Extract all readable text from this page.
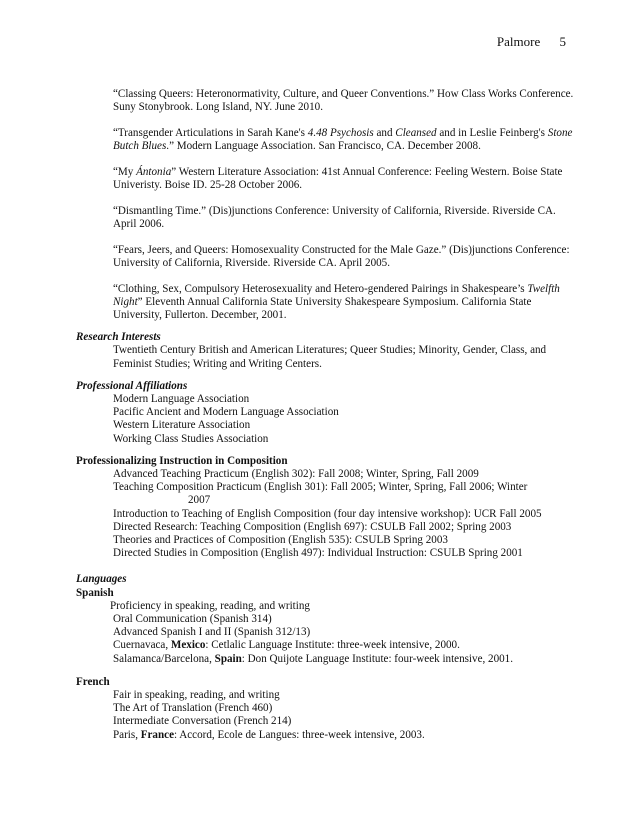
Palmore 5
“Classing Queers: Heteronormativity, Culture, and Queer Conventions.” How Class Works Conference. Suny Stonybrook. Long Island, NY. June 2010.
“Transgender Articulations in Sarah Kane's 4.48 Psychosis and Cleansed and in Leslie Feinberg's Stone Butch Blues.” Modern Language Association. San Francisco, CA. December 2008.
“My Ántonia” Western Literature Association: 41st Annual Conference: Feeling Western. Boise State Univeristy. Boise ID. 25-28 October 2006.
“Dismantling Time.” (Dis)junctions Conference: University of California, Riverside. Riverside CA. April 2006.
“Fears, Jeers, and Queers: Homosexuality Constructed for the Male Gaze.” (Dis)junctions Conference: University of California, Riverside. Riverside CA. April 2005.
“Clothing, Sex, Compulsory Heterosexuality and Hetero-gendered Pairings in Shakespeare’s Twelfth Night” Eleventh Annual California State University Shakespeare Symposium. California State University, Fullerton. December, 2001.
Research Interests
Twentieth Century British and American Literatures; Queer Studies; Minority, Gender, Class, and Feminist Studies; Writing and Writing Centers.
Professional Affiliations
Modern Language Association
Pacific Ancient and Modern Language Association
Western Literature Association
Working Class Studies Association
Professionalizing Instruction in Composition
Advanced Teaching Practicum (English 302): Fall 2008; Winter, Spring, Fall 2009
Teaching Composition Practicum (English 301): Fall 2005; Winter, Spring, Fall 2006; Winter
2007
Introduction to Teaching of English Composition (four day intensive workshop): UCR Fall 2005
Directed Research: Teaching Composition (English 697): CSULB Fall 2002; Spring 2003
Theories and Practices of Composition (English 535): CSULB Spring 2003
Directed Studies in Composition (English 497): Individual Instruction: CSULB Spring 2001
Languages
Spanish
Proficiency in speaking, reading, and writing
Oral Communication (Spanish 314)
Advanced Spanish I and II (Spanish 312/13)
Cuernavaca, Mexico: Cetlalic Language Institute: three-week intensive, 2000.
Salamanca/Barcelona, Spain: Don Quijote Language Institute: four-week intensive, 2001.
French
Fair in speaking, reading, and writing
The Art of Translation (French 460)
Intermediate Conversation (French 214)
Paris, France: Accord, Ecole de Langues: three-week intensive, 2003.
